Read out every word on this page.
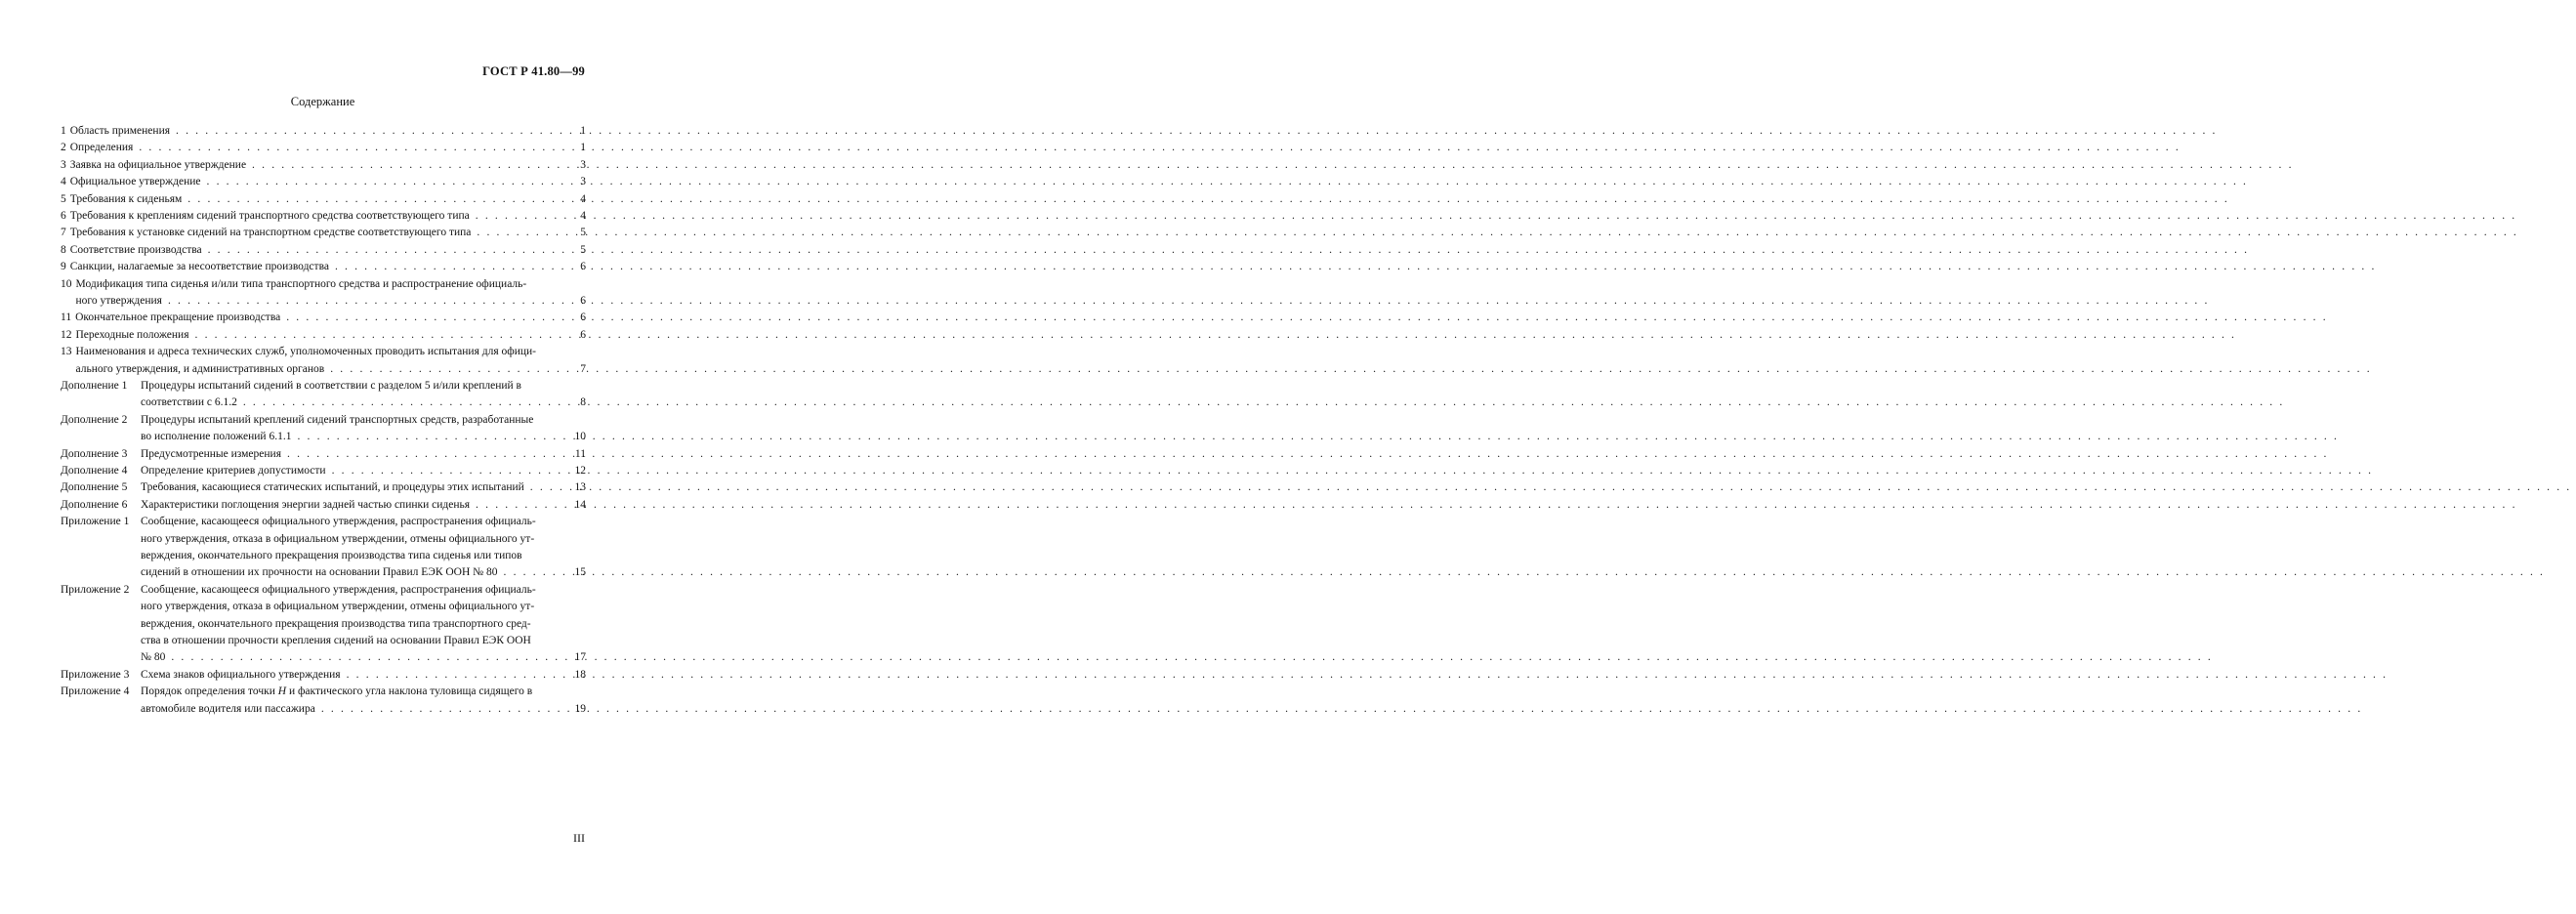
ГОСТ Р 41.80—99
Содержание
1 Область применения .....	1
2 Определения .....	1
3 Заявка на официальное утверждение .....	3
4 Официальное утверждение .....	3
5 Требования к сиденьям .....	4
6 Требования к креплениям сидений транспортного средства соответствующего типа .....	4
7 Требования к установке сидений на транспортном средстве соответствующего типа .....	5
8 Соответствие производства .....	5
9 Санкции, налагаемые за несоответствие производства .....	6
10 Модификация типа сиденья и/или типа транспортного средства и распространение официаль-
ного утверждения .....	6
11 Окончательное прекращение производства .....	6
12 Переходные положения .....	6
13 Наименования и адреса технических служб, уполномоченных проводить испытания для офици-
ального утверждения, и административных органов .....	7
Дополнение 1	Процедуры испытаний сидений в соответствии с разделом 5 и/или креплений в
соответствии с 6.1.2 .....	8
Дополнение 2	Процедуры испытаний креплений сидений транспортных средств, разработанные
во исполнение положений 6.1.1 .....	10
Дополнение 3	Предусмотренные измерения .....	11
Дополнение 4	Определение критериев допустимости .....	12
Дополнение 5	Требования, касающиеся статических испытаний, и процедуры этих испытаний .....	13
Дополнение 6	Характеристики поглощения энергии задней частью спинки сиденья .....	14
Приложение 1	Сообщение, касающееся официального утверждения, распространения официаль-
ного утверждения, отказа в официальном утверждении, отмены официального ут-
верждения, окончательного прекращения производства типа сиденья или типов
сидений в отношении их прочности на основании Правил ЕЭК ООН № 80 .....	15
Приложение 2	Сообщение, касающееся официального утверждения, распространения официаль-
ного утверждения, отказа в официальном утверждении, отмены официального ут-
верждения, окончательного прекращения производства типа транспортного сред-
ства в отношении прочности крепления сидений на основании Правил ЕЭК ООН
№ 80 .....	17
Приложение 3	Схема знаков официального утверждения .....	18
Приложение 4	Порядок определения точки H и фактического угла наклона туловища сидящего в
автомобиле водителя или пассажира .....	19
III
